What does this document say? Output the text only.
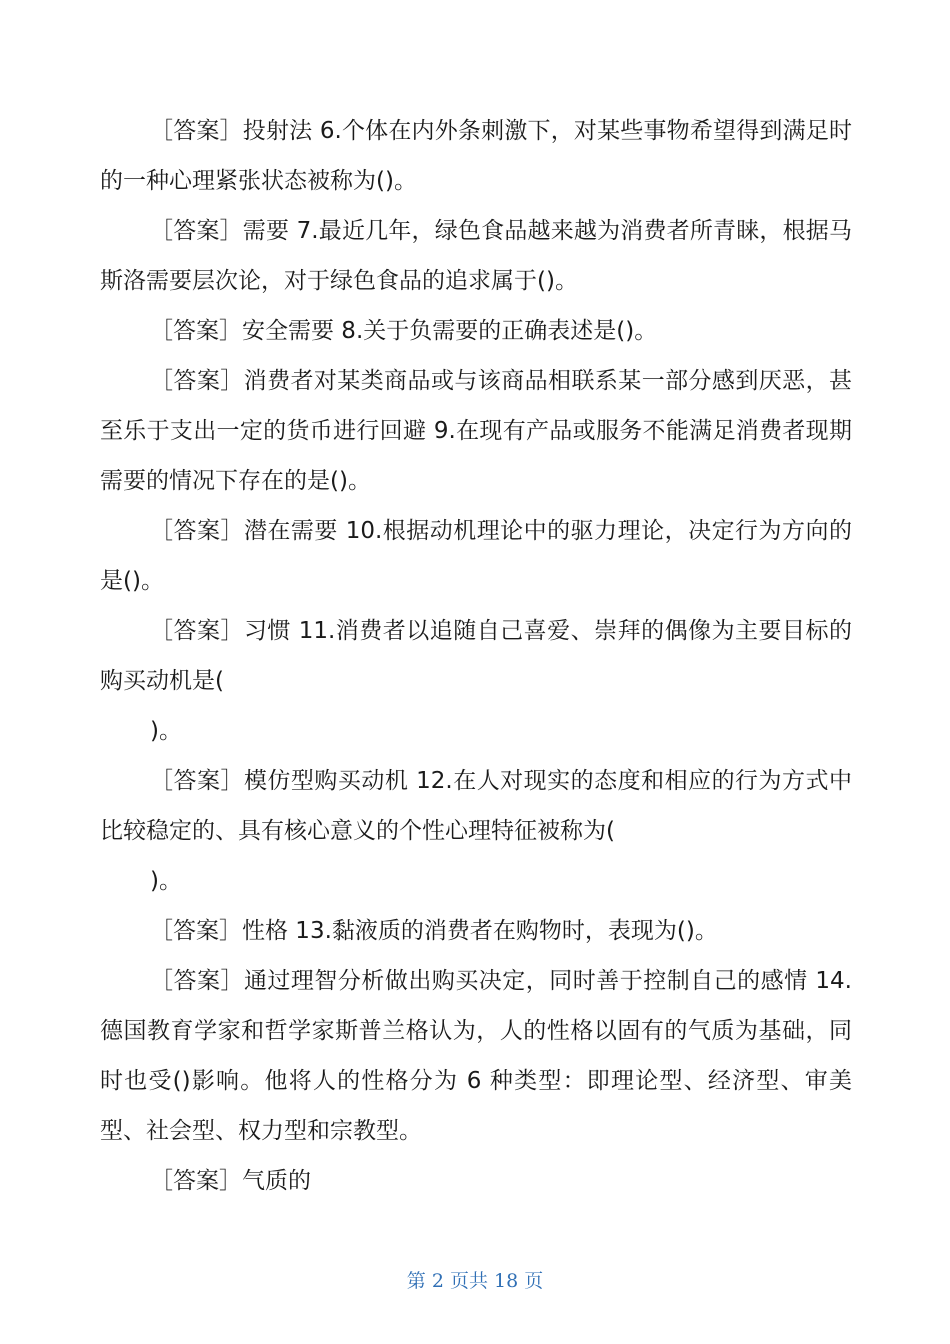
［答案］投射法 6.个体在内外条刺激下，对某些事物希望得到满足时的一种心理紧张状态被称为()。

［答案］需要 7.最近几年，绿色食品越来越为消费者所青睐，根据马斯洛需要层次论，对于绿色食品的追求属于()。

［答案］安全需要 8.关于负需要的正确表述是()。

［答案］消费者对某类商品或与该商品相联系某一部分感到厌恶，甚至乐于支出一定的货币进行回避 9.在现有产品或服务不能满足消费者现期需要的情况下存在的是()。

［答案］潜在需要 10.根据动机理论中的驱力理论，决定行为方向的是()。

［答案］习惯 11.消费者以追随自己喜爱、崇拜的偶像为主要目标的购买动机是(

)。

［答案］模仿型购买动机 12.在人对现实的态度和相应的行为方式中比较稳定的、具有核心意义的个性心理特征被称为(

)。

［答案］性格 13.黏液质的消费者在购物时，表现为()。

［答案］通过理智分析做出购买决定，同时善于控制自己的感情 14.德国教育学家和哲学家斯普兰格认为，人的性格以固有的气质为基础，同时也受()影响。他将人的性格分为 6 种类型：即理论型、经济型、审美型、社会型、权力型和宗教型。

［答案］气质的

第 2 页共 18 页
